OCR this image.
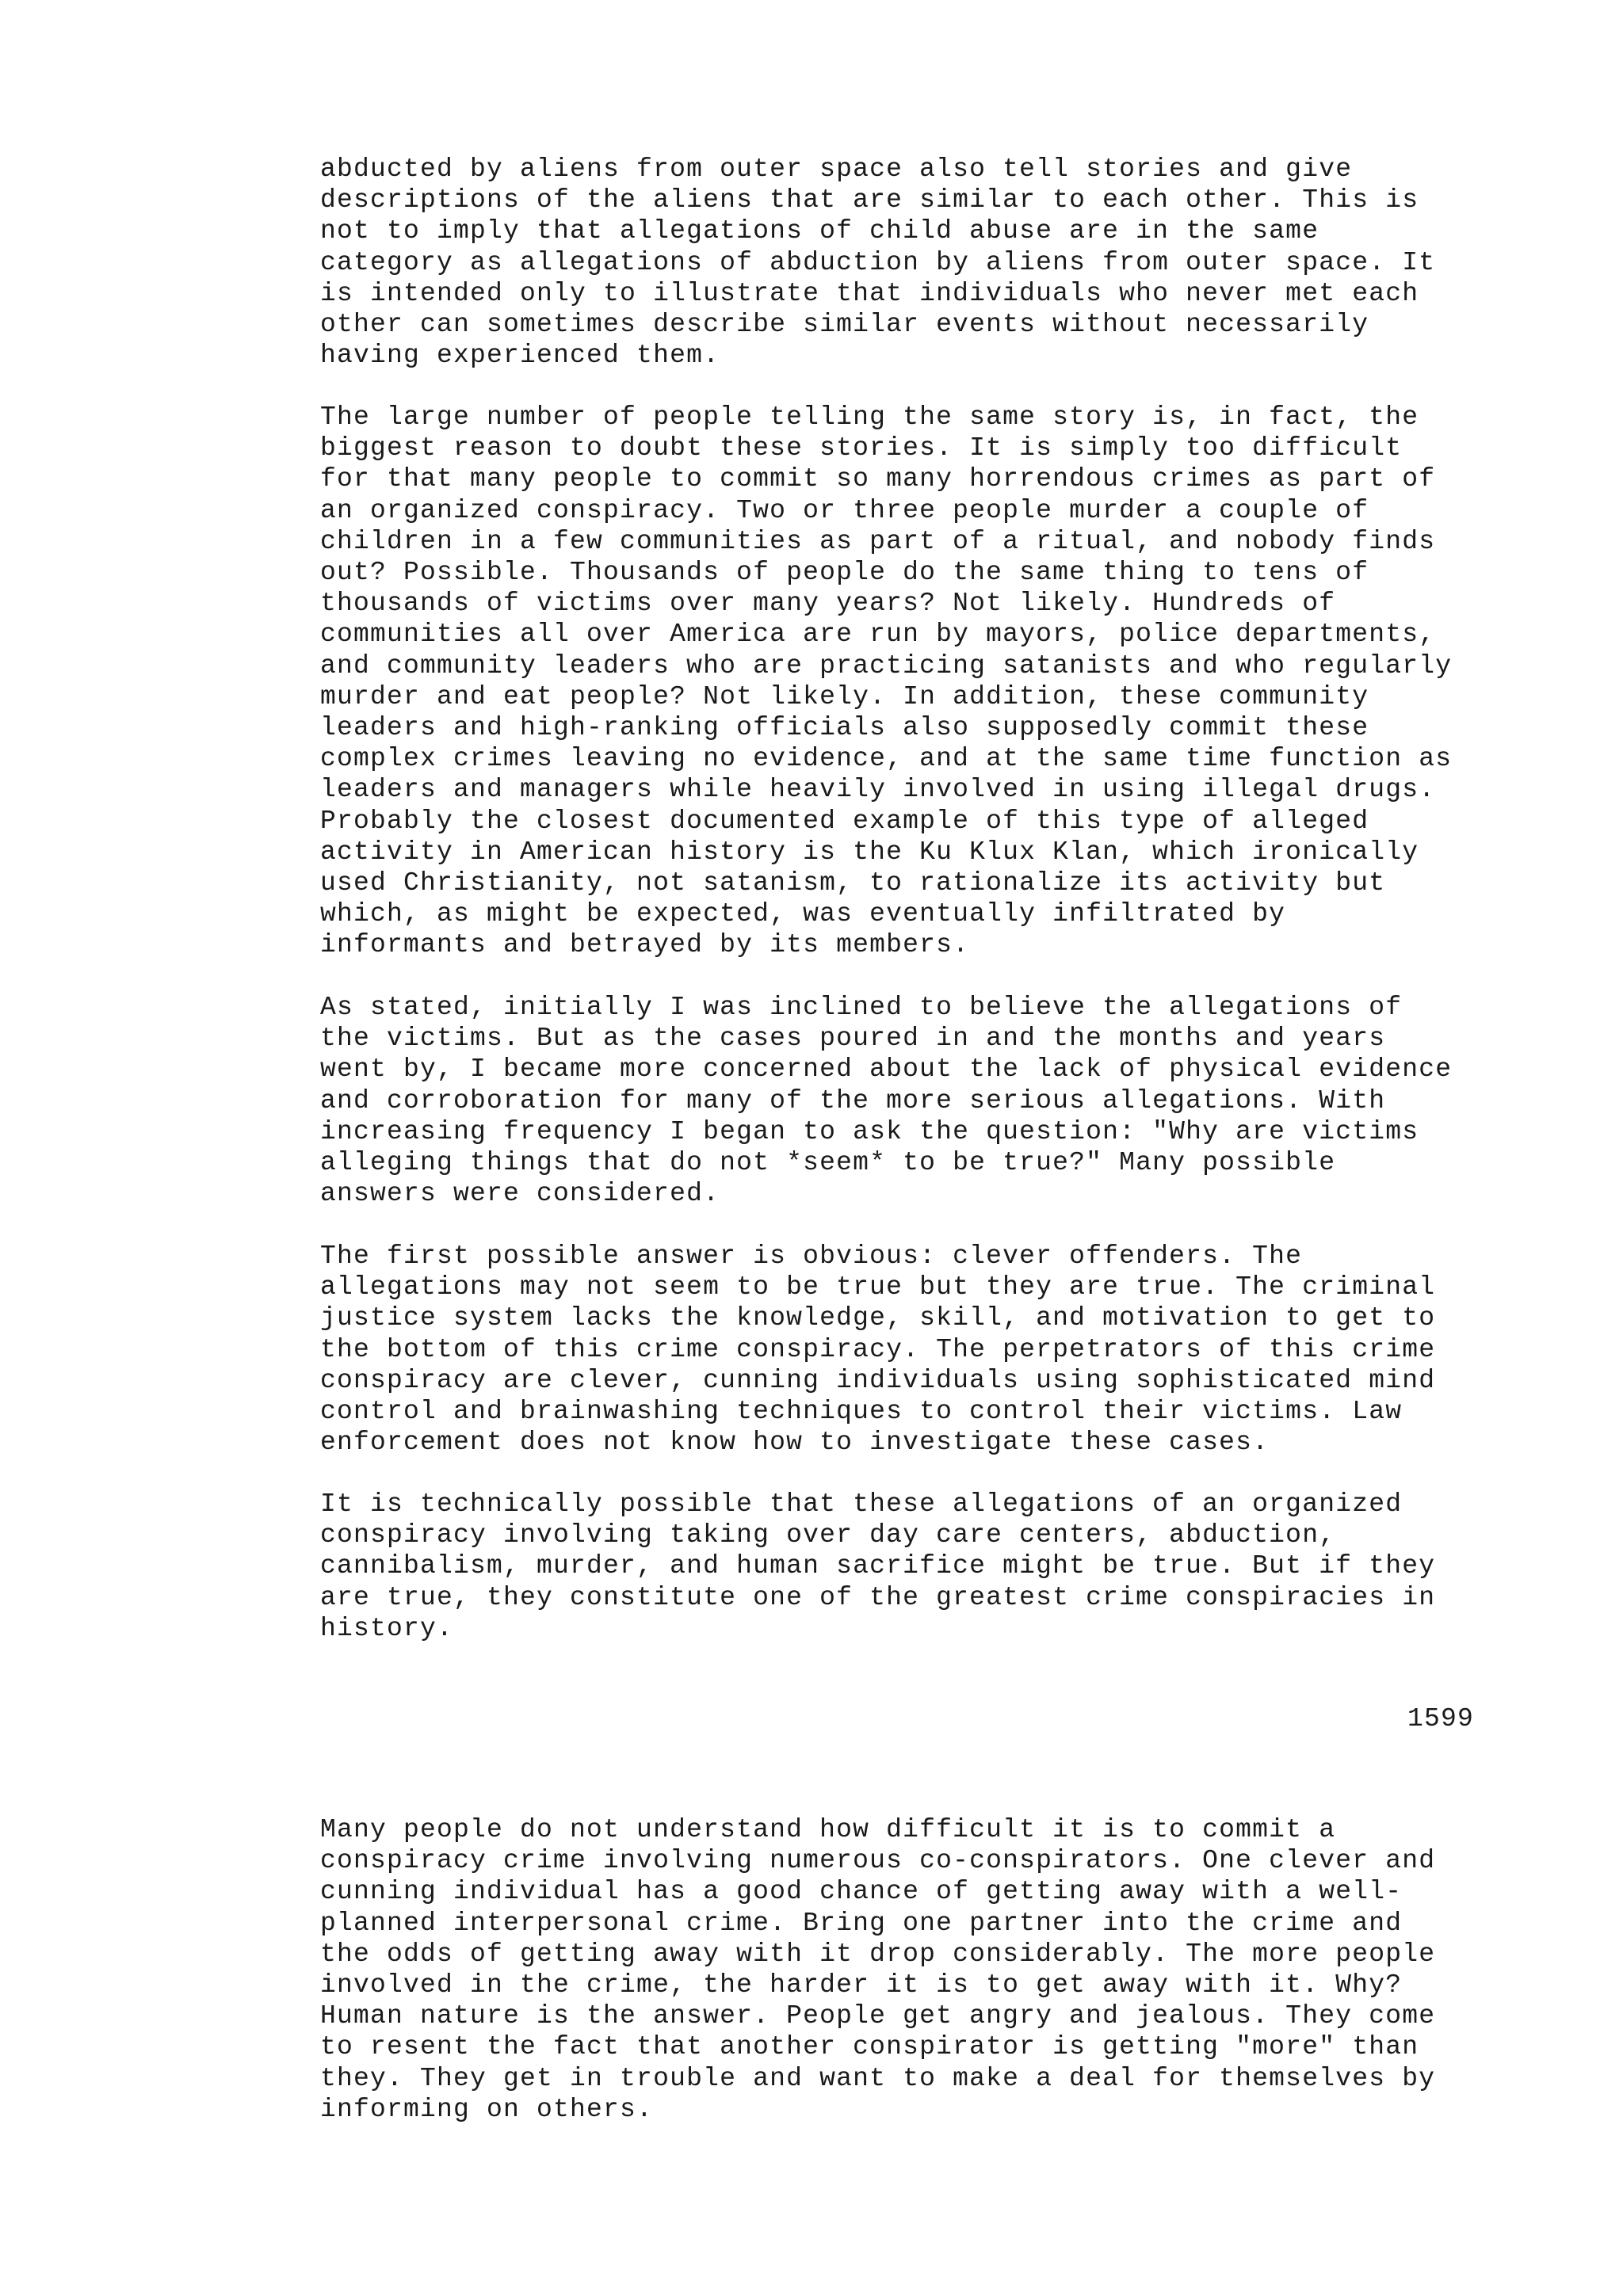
abducted by aliens from outer space also tell stories and give
descriptions of the aliens that are similar to each other. This is
not to imply that allegations of child abuse are in the same
category as allegations of abduction by aliens from outer space. It
is intended only to illustrate that individuals who never met each
other can sometimes describe similar events without necessarily
having experienced them.

The large number of people telling the same story is, in fact, the
biggest reason to doubt these stories. It is simply too difficult
for that many people to commit so many horrendous crimes as part of
an organized conspiracy. Two or three people murder a couple of
children in a few communities as part of a ritual, and nobody finds
out? Possible. Thousands of people do the same thing to tens of
thousands of victims over many years? Not likely. Hundreds of
communities all over America are run by mayors, police departments,
and community leaders who are practicing satanists and who regularly
murder and eat people? Not likely. In addition, these community
leaders and high-ranking officials also supposedly commit these
complex crimes leaving no evidence, and at the same time function as
leaders and managers while heavily involved in using illegal drugs.
Probably the closest documented example of this type of alleged
activity in American history is the Ku Klux Klan, which ironically
used Christianity, not satanism, to rationalize its activity but
which, as might be expected, was eventually infiltrated by
informants and betrayed by its members.

As stated, initially I was inclined to believe the allegations of
the victims. But as the cases poured in and the months and years
went by, I became more concerned about the lack of physical evidence
and corroboration for many of the more serious allegations. With
increasing frequency I began to ask the question: "Why are victims
alleging things that do not *seem* to be true?" Many possible
answers were considered.

The first possible answer is obvious: clever offenders. The
allegations may not seem to be true but they are true. The criminal
justice system lacks the knowledge, skill, and motivation to get to
the bottom of this crime conspiracy. The perpetrators of this crime
conspiracy are clever, cunning individuals using sophisticated mind
control and brainwashing techniques to control their victims. Law
enforcement does not know how to investigate these cases.

It is technically possible that these allegations of an organized
conspiracy involving taking over day care centers, abduction,
cannibalism, murder, and human sacrifice might be true. But if they
are true, they constitute one of the greatest crime conspiracies in
history.

1599

Many people do not understand how difficult it is to commit a
conspiracy crime involving numerous co-conspirators. One clever and
cunning individual has a good chance of getting away with a well-
planned interpersonal crime. Bring one partner into the crime and
the odds of getting away with it drop considerably. The more people
involved in the crime, the harder it is to get away with it. Why?
Human nature is the answer. People get angry and jealous. They come
to resent the fact that another conspirator is getting "more" than
they. They get in trouble and want to make a deal for themselves by
informing on others.
